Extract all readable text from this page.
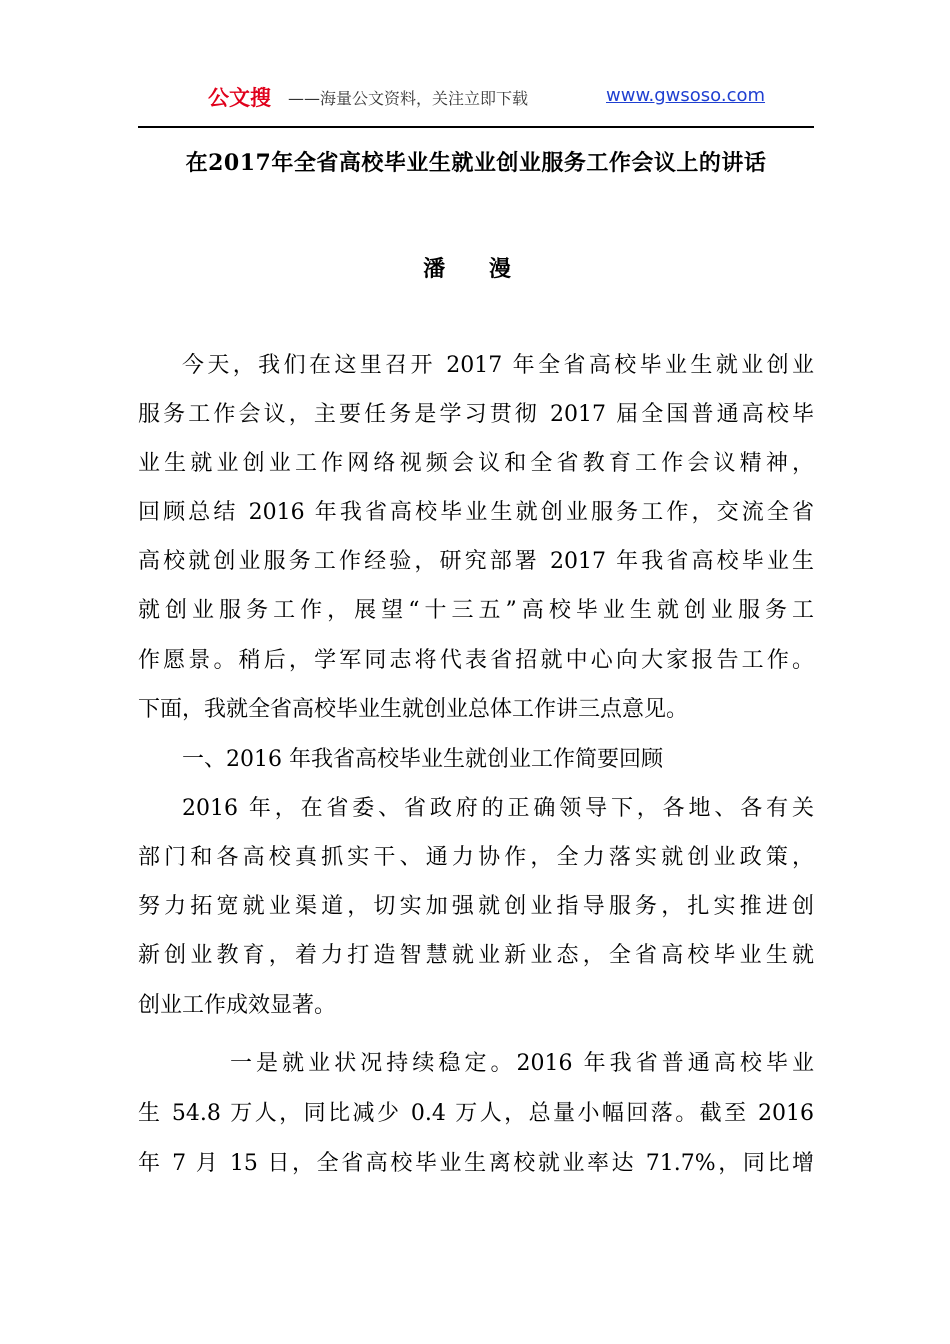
公文搜 ——海量公文资料，关注立即下载	www.gwsoso.com
在2017年全省高校毕业生就业创业服务工作会议上的讲话
潘 漫
今天，我们在这里召开 2017 年全省高校毕业生就业创业
服务工作会议，主要任务是学习贯彻 2017 届全国普通高校毕
业生就业创业工作网络视频会议和全省教育工作会议精神，
回顾总结 2016 年我省高校毕业生就创业服务工作，交流全省
高校就创业服务工作经验，研究部署 2017 年我省高校毕业生
就创业服务工作，展望“十三五”高校毕业生就创业服务工
作愿景。稍后，学军同志将代表省招就中心向大家报告工作。
下面，我就全省高校毕业生就创业总体工作讲三点意见。
一、2016 年我省高校毕业生就创业工作简要回顾
2016 年，在省委、省政府的正确领导下，各地、各有关
部门和各高校真抓实干、通力协作，全力落实就创业政策，
努力拓宽就业渠道，切实加强就创业指导服务，扎实推进创
新创业教育，着力打造智慧就业新业态，全省高校毕业生就
创业工作成效显著。
一是就业状况持续稳定。2016 年我省普通高校毕业
生 54.8 万人，同比减少 0.4 万人，总量小幅回落。截至 2016
年 7 月 15 日，全省高校毕业生离校就业率达 71.7%，同比增
